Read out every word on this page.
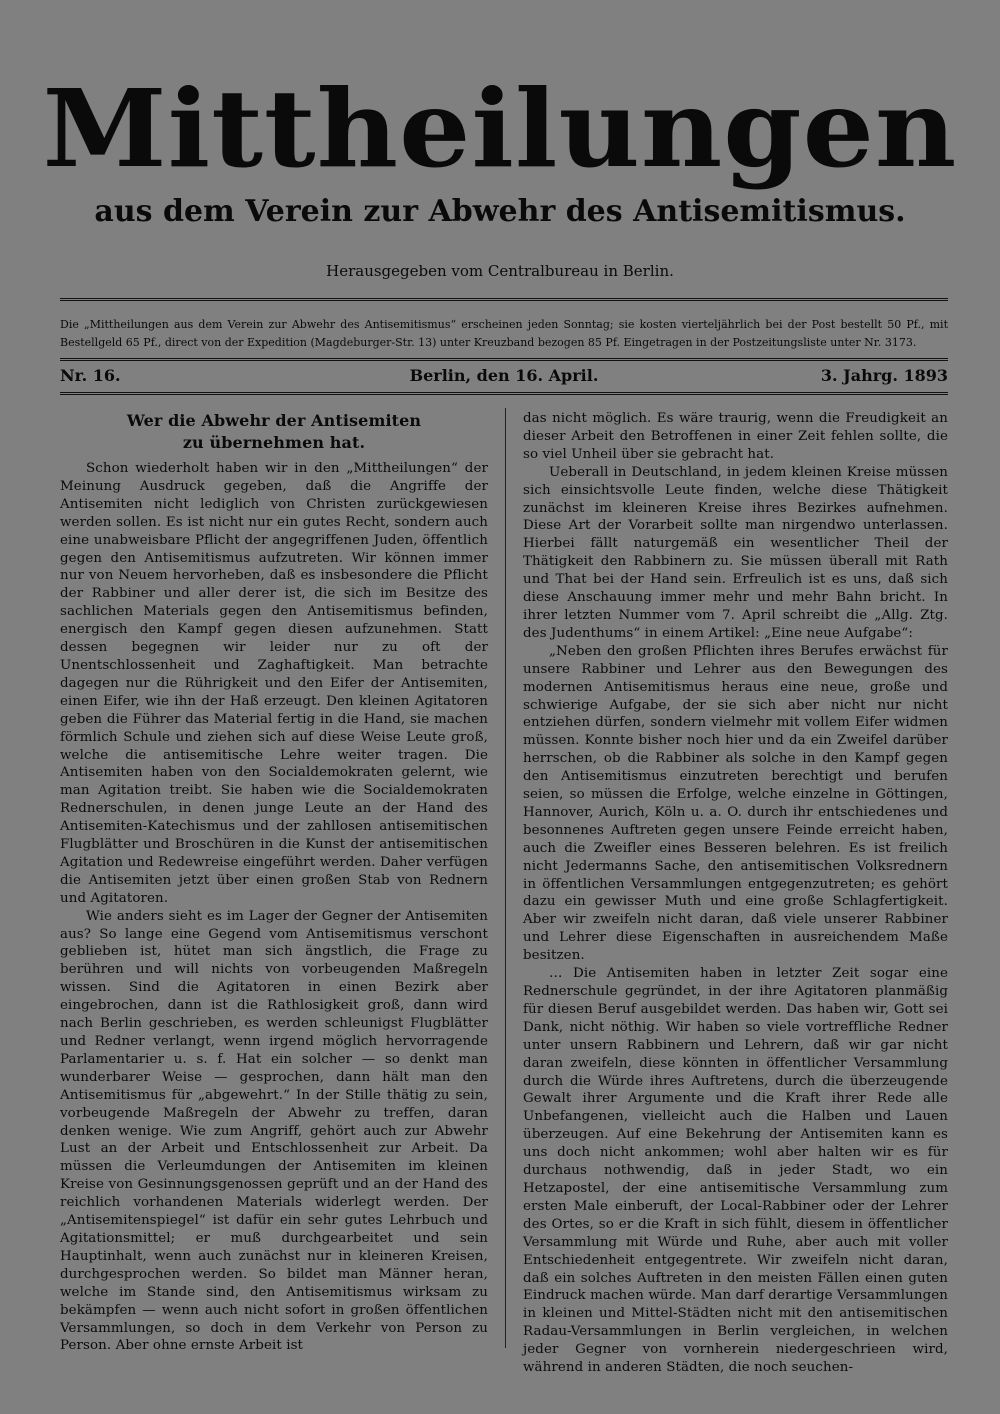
Mittheilungen
aus dem Verein zur Abwehr des Antisemitismus.
Herausgegeben vom Centralbureau in Berlin.
Die „Mittheilungen aus dem Verein zur Abwehr des Antisemitismus“ erscheinen jeden Sonntag; sie kosten vierteljährlich bei der Post bestellt 50 Pf., mit Bestellgeld 65 Pf., direct von der Expedition (Magdeburger-Str. 13) unter Kreuzband bezogen 85 Pf. Eingetragen in der Postzeitungsliste unter Nr. 3173.
Berlin, den 16. April.
Nr. 16.	3. Jahrg. 1893
Wer die Abwehr der Antisemiten
zu übernehmen hat.

Schon wiederholt haben wir in den „Mittheilungen“ der Meinung Ausdruck gegeben, daß die Angriffe der Antisemiten nicht lediglich von Christen zurückgewiesen werden sollen. Es ist nicht nur ein gutes Recht, sondern auch eine unabweisbare Pflicht der angegriffenen Juden, öffentlich gegen den Antisemitismus aufzutreten. Wir können immer nur von Neuem hervorheben, daß es insbesondere die Pflicht der Rabbiner und aller derer ist, die sich im Besitze des sachlichen Materials gegen den Antisemitismus befinden, energisch den Kampf gegen diesen aufzunehmen. Statt dessen begegnen wir leider nur zu oft der Unentschlossenheit und Zaghaftigkeit. Man betrachte dagegen nur die Rührigkeit und den Eifer der Antisemiten, einen Eifer, wie ihn der Haß erzeugt. Den kleinen Agitatoren geben die Führer das Material fertig in die Hand, sie machen förmlich Schule und ziehen sich auf diese Weise Leute groß, welche die antisemitische Lehre weiter tragen. Die Antisemiten haben von den Socialdemokraten gelernt, wie man Agitation treibt. Sie haben wie die Socialdemokraten Rednerschulen, in denen junge Leute an der Hand des Antisemiten-Katechismus und der zahllosen antisemitischen Flugblätter und Broschüren in die Kunst der antisemitischen Agitation und Redewreise eingeführt werden. Daher verfügen die Antisemiten jetzt über einen großen Stab von Rednern und Agitatoren.

Wie anders sieht es im Lager der Gegner der Antisemiten aus? So lange eine Gegend vom Antisemitismus verschont geblieben ist, hütet man sich ängstlich, die Frage zu berühren und will nichts von vorbeugenden Maßregeln wissen. Sind die Agitatoren in einen Bezirk aber eingebrochen, dann ist die Rathlosigkeit groß, dann wird nach Berlin geschrieben, es werden schleunigst Flugblätter und Redner verlangt, wenn irgend möglich hervorragende Parlamentarier u. s. f. Hat ein solcher — so denkt man wunderbarer Weise — gesprochen, dann hält man den Antisemitismus für „abgewehrt.“ In der Stille thätig zu sein, vorbeugende Maßregeln der Abwehr zu treffen, daran denken wenige. Wie zum Angriff, gehört auch zur Abwehr Lust an der Arbeit und Entschlossenheit zur Arbeit. Da müssen die Verleumdungen der Antisemiten im kleinen Kreise von Gesinnungsgenossen geprüft und an der Hand des reichlich vorhandenen Materials widerlegt werden. Der „Antisemitenspiegel“ ist dafür ein sehr gutes Lehrbuch und Agitationsmittel; er muß durchgearbeitet und sein Hauptinhalt, wenn auch zunächst nur in kleineren Kreisen, durchgesprochen werden. So bildet man Männer heran, welche im Stande sind, den Antisemitismus wirksam zu bekämpfen — wenn auch nicht sofort in großen öffentlichen Versammlungen, so doch in dem Verkehr von Person zu Person. Aber ohne ernste Arbeit ist

das nicht möglich. Es wäre traurig, wenn die Freudigkeit an dieser Arbeit den Betroffenen in einer Zeit fehlen sollte, die so viel Unheil über sie gebracht hat.

Ueberall in Deutschland, in jedem kleinen Kreise müssen sich einsichtsvolle Leute finden, welche diese Thätigkeit zunächst im kleineren Kreise ihres Bezirkes aufnehmen. Diese Art der Vorarbeit sollte man nirgendwo unterlassen. Hierbei fällt naturgemäß ein wesentlicher Theil der Thätigkeit den Rabbinern zu. Sie müssen überall mit Rath und That bei der Hand sein. Erfreulich ist es uns, daß sich diese Anschauung immer mehr und mehr Bahn bricht. In ihrer letzten Nummer vom 7. April schreibt die „Allg. Ztg. des Judenthums“ in einem Artikel: „Eine neue Aufgabe“:

„Neben den großen Pflichten ihres Berufes erwächst für unsere Rabbiner und Lehrer aus den Bewegungen des modernen Antisemitismus heraus eine neue, große und schwierige Aufgabe, der sie sich aber nicht nur nicht entziehen dürfen, sondern vielmehr mit vollem Eifer widmen müssen. Konnte bisher noch hier und da ein Zweifel darüber herrschen, ob die Rabbiner als solche in den Kampf gegen den Antisemitismus einzutreten berechtigt und berufen seien, so müssen die Erfolge, welche einzelne in Göttingen, Hannover, Aurich, Köln u. a. O. durch ihr entschiedenes und besonnenes Auftreten gegen unsere Feinde erreicht haben, auch die Zweifler eines Besseren belehren. Es ist freilich nicht Jedermanns Sache, den antisemitischen Volksrednern in öffentlichen Versammlungen entgegenzutreten; es gehört dazu ein gewisser Muth und eine große Schlagfertigkeit. Aber wir zweifeln nicht daran, daß viele unserer Rabbiner und Lehrer diese Eigenschaften in ausreichendem Maße besitzen.

… Die Antisemiten haben in letzter Zeit sogar eine Rednerschule gegründet, in der ihre Agitatoren planmäßig für diesen Beruf ausgebildet werden. Das haben wir, Gott sei Dank, nicht nöthig. Wir haben so viele vortreffliche Redner unter unsern Rabbinern und Lehrern, daß wir gar nicht daran zweifeln, diese könnten in öffentlicher Versammlung durch die Würde ihres Auftretens, durch die überzeugende Gewalt ihrer Argumente und die Kraft ihrer Rede alle Unbefangenen, vielleicht auch die Halben und Lauen überzeugen. Auf eine Bekehrung der Antisemiten kann es uns doch nicht ankommen; wohl aber halten wir es für durchaus nothwendig, daß in jeder Stadt, wo ein Hetzapostel, der eine antisemitische Versammlung zum ersten Male einberuft, der Local-Rabbiner oder der Lehrer des Ortes, so er die Kraft in sich fühlt, diesem in öffentlicher Versammlung mit Würde und Ruhe, aber auch mit voller Entschiedenheit entgegentrete. Wir zweifeln nicht daran, daß ein solches Auftreten in den meisten Fällen einen guten Eindruck machen würde. Man darf derartige Versammlungen in kleinen und Mittel-Städten nicht mit den antisemitischen Radau-Versammlungen in Berlin vergleichen, in welchen jeder Gegner von vornherein niedergeschrieen wird, während in anderen Städten, die noch seuchen-
